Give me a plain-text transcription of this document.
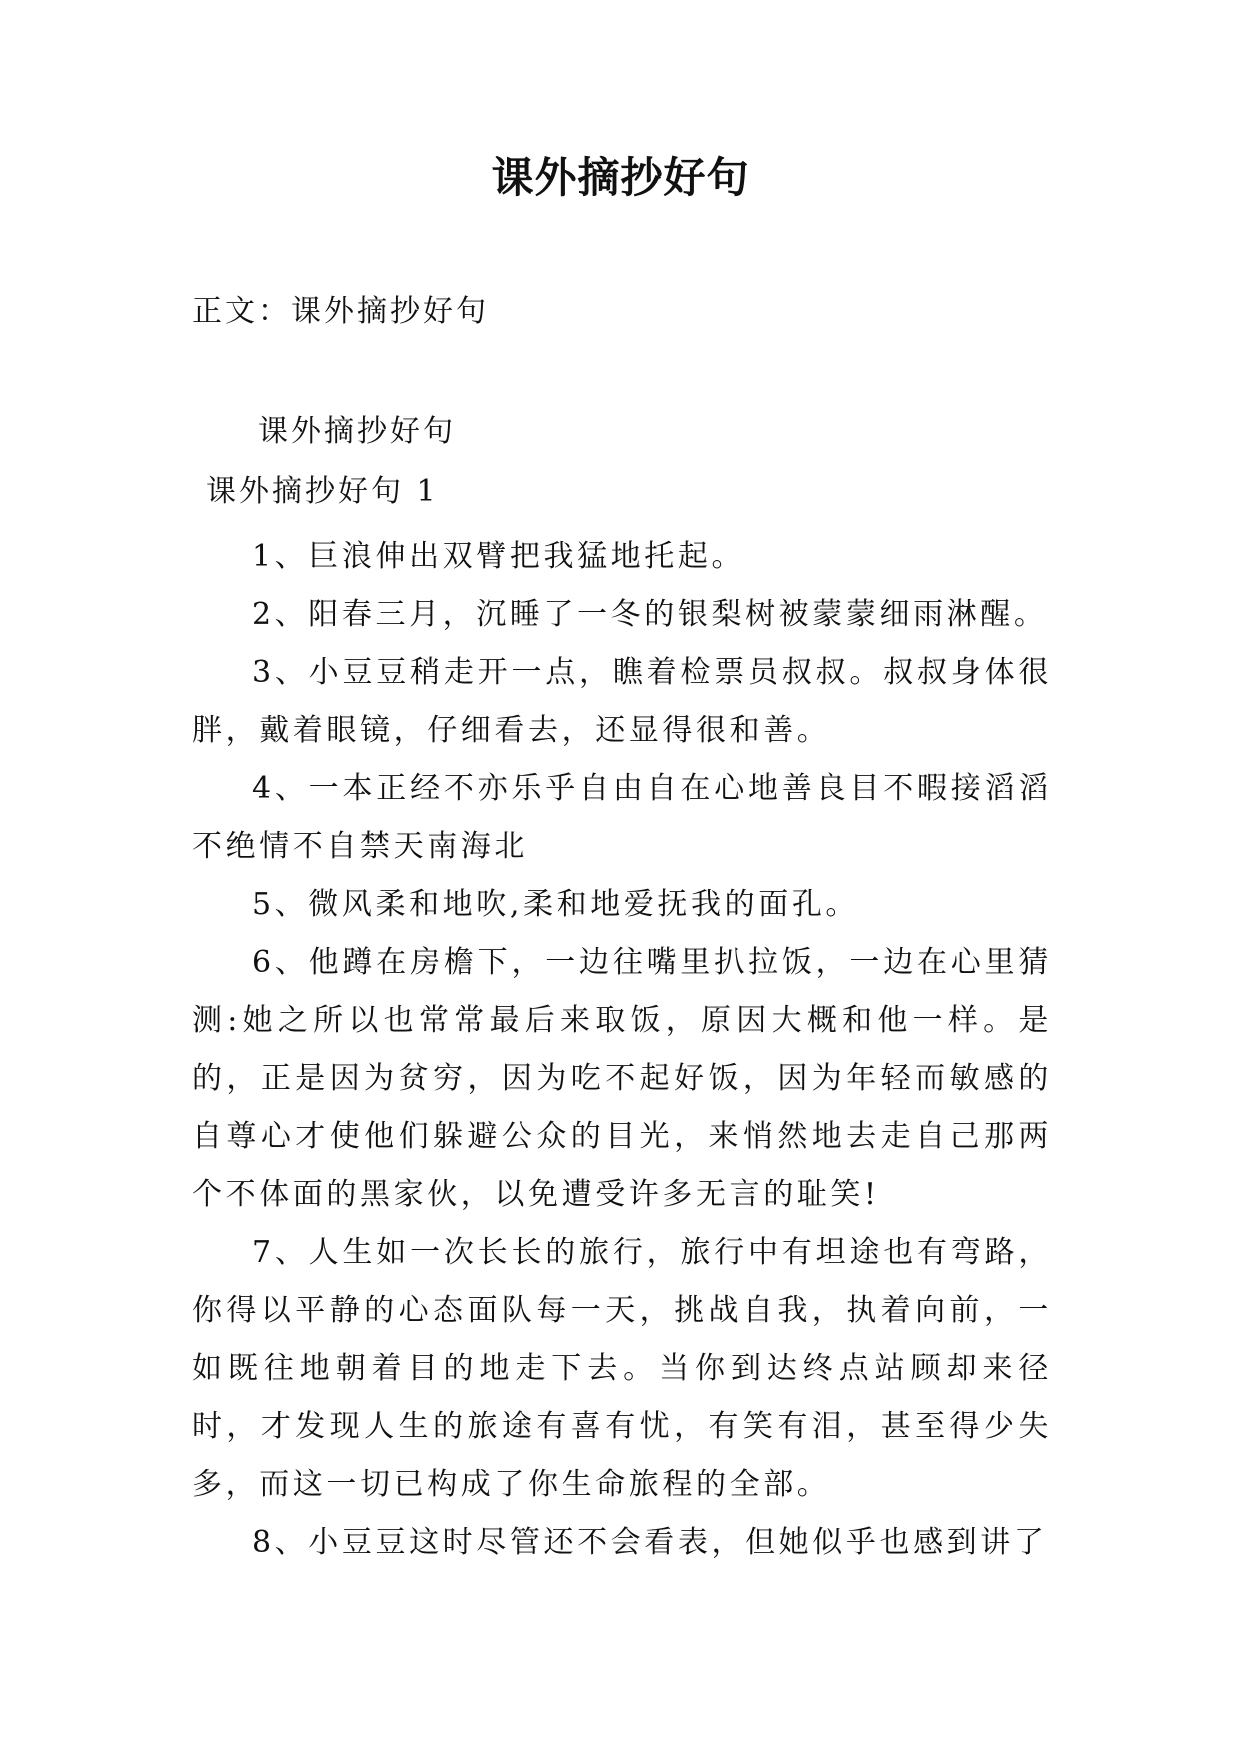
课外摘抄好句
正文：课外摘抄好句
课外摘抄好句
课外摘抄好句 1

1、巨浪伸出双臂把我猛地托起。

2、阳春三月，沉睡了一冬的银梨树被蒙蒙细雨淋醒。

3、小豆豆稍走开一点，瞧着检票员叔叔。叔叔身体很胖，戴着眼镜，仔细看去，还显得很和善。

4、一本正经不亦乐乎自由自在心地善良目不暇接滔滔不绝情不自禁天南海北

5、微风柔和地吹,柔和地爱抚我的面孔。

6、他蹲在房檐下，一边往嘴里扒拉饭，一边在心里猜测:她之所以也常常最后来取饭，原因大概和他一样。是的，正是因为贫穷，因为吃不起好饭，因为年轻而敏感的自尊心才使他们躲避公众的目光，来悄然地去走自己那两个不体面的黑家伙，以免遭受许多无言的耻笑!

7、人生如一次长长的旅行，旅行中有坦途也有弯路，你得以平静的心态面队每一天，挑战自我，执着向前，一如既往地朝着目的地走下去。当你到达终点站顾却来径时，才发现人生的旅途有喜有忧，有笑有泪，甚至得少失多，而这一切已构成了你生命旅程的全部。

8、小豆豆这时尽管还不会看表，但她似乎也感到讲了
